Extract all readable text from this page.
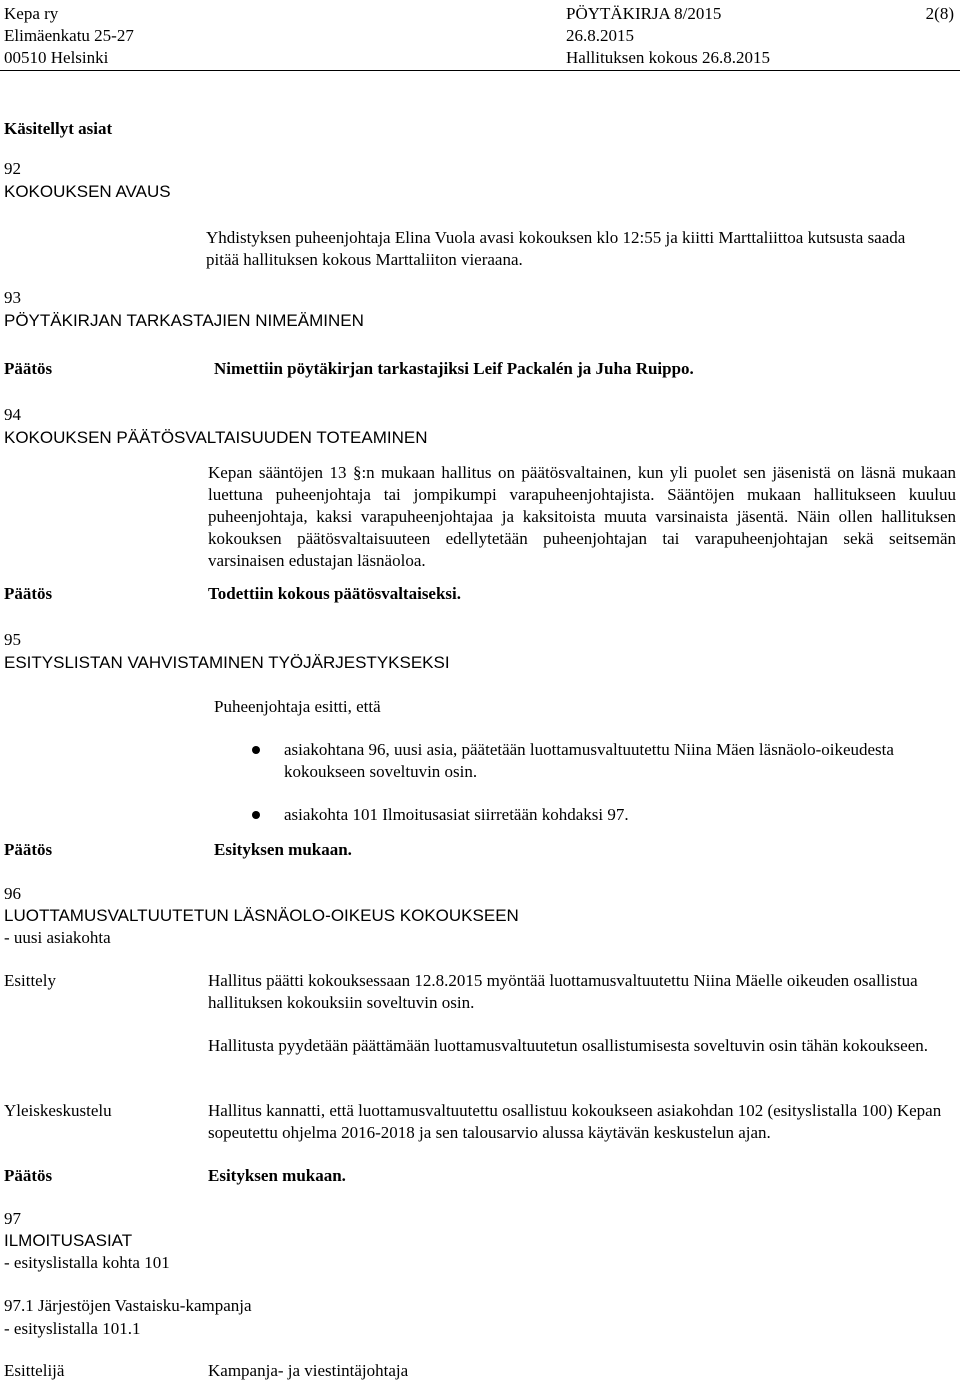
Kepa ry
Elimäenkatu 25-27
00510 Helsinki
PÖYTÄKIRJA 8/2015
26.8.2015
Hallituksen kokous 26.8.2015
2(8)
Käsitellyt asiat
92
KOKOUKSEN AVAUS
Yhdistyksen puheenjohtaja Elina Vuola avasi kokouksen klo 12:55 ja kiitti Marttaliittoa kutsusta saada pitää hallituksen kokous Marttaliiton vieraana.
93
PÖYTÄKIRJAN TARKASTAJIEN NIMEÄMINEN
Päätös	Nimettiin pöytäkirjan tarkastajiksi Leif Packalén ja Juha Ruippo.
94
KOKOUKSEN PÄÄTÖSVALTAISUUDEN TOTEAMINEN
Kepan sääntöjen 13 §:n mukaan hallitus on päätösvaltainen, kun yli puolet sen jäsenistä on läsnä mukaan luettuna puheenjohtaja tai jompikumpi varapuheenjohtajista. Sääntöjen mukaan hallitukseen kuuluu puheenjohtaja, kaksi varapuheenjohtajaa ja kaksitoista muuta varsinaista jäsentä. Näin ollen hallituksen kokouksen päätösvaltaisuuteen edellytetään puheenjohtajan tai varapuheenjohtajan sekä seitsemän varsinaisen edustajan läsnäoloa.
Päätös	Todettiin kokous päätösvaltaiseksi.
95
ESITYSLISTAN VAHVISTAMINEN TYÖJÄRJESTYKSEKSI
Puheenjohtaja esitti, että
asiakohtana 96, uusi asia, päätetään luottamusvaltuutettu Niina Mäen läsnäolo-oikeudesta kokoukseen soveltuvin osin.
asiakohta 101 Ilmoitusasiat siirretään kohdaksi 97.
Päätös	Esityksen mukaan.
96
LUOTTAMUSVALTUUTETUN LÄSNÄOLO-OIKEUS KOKOUKSEEN
- uusi asiakohta
Esittely	Hallitus päätti kokouksessaan 12.8.2015 myöntää luottamusvaltuutettu Niina Mäelle oikeuden osallistua hallituksen kokouksiin soveltuvin osin.
Hallitusta pyydetään päättämään luottamusvaltuutetun osallistumisesta soveltuvin osin tähän kokoukseen.
Yleiskeskustelu	Hallitus kannatti, että luottamusvaltuutettu osallistuu kokoukseen asiakohdan 102 (esityslistalla 100) Kepan sopeutettu ohjelma 2016-2018 ja sen talousarvio alussa käytävän keskustelun ajan.
Päätös	Esityksen mukaan.
97
ILMOITUSASIAT
- esityslistalla kohta 101
97.1 Järjestöjen Vastaisku-kampanja
- esityslistalla 101.1
Esittelijä	Kampanja- ja viestintäjohtaja
